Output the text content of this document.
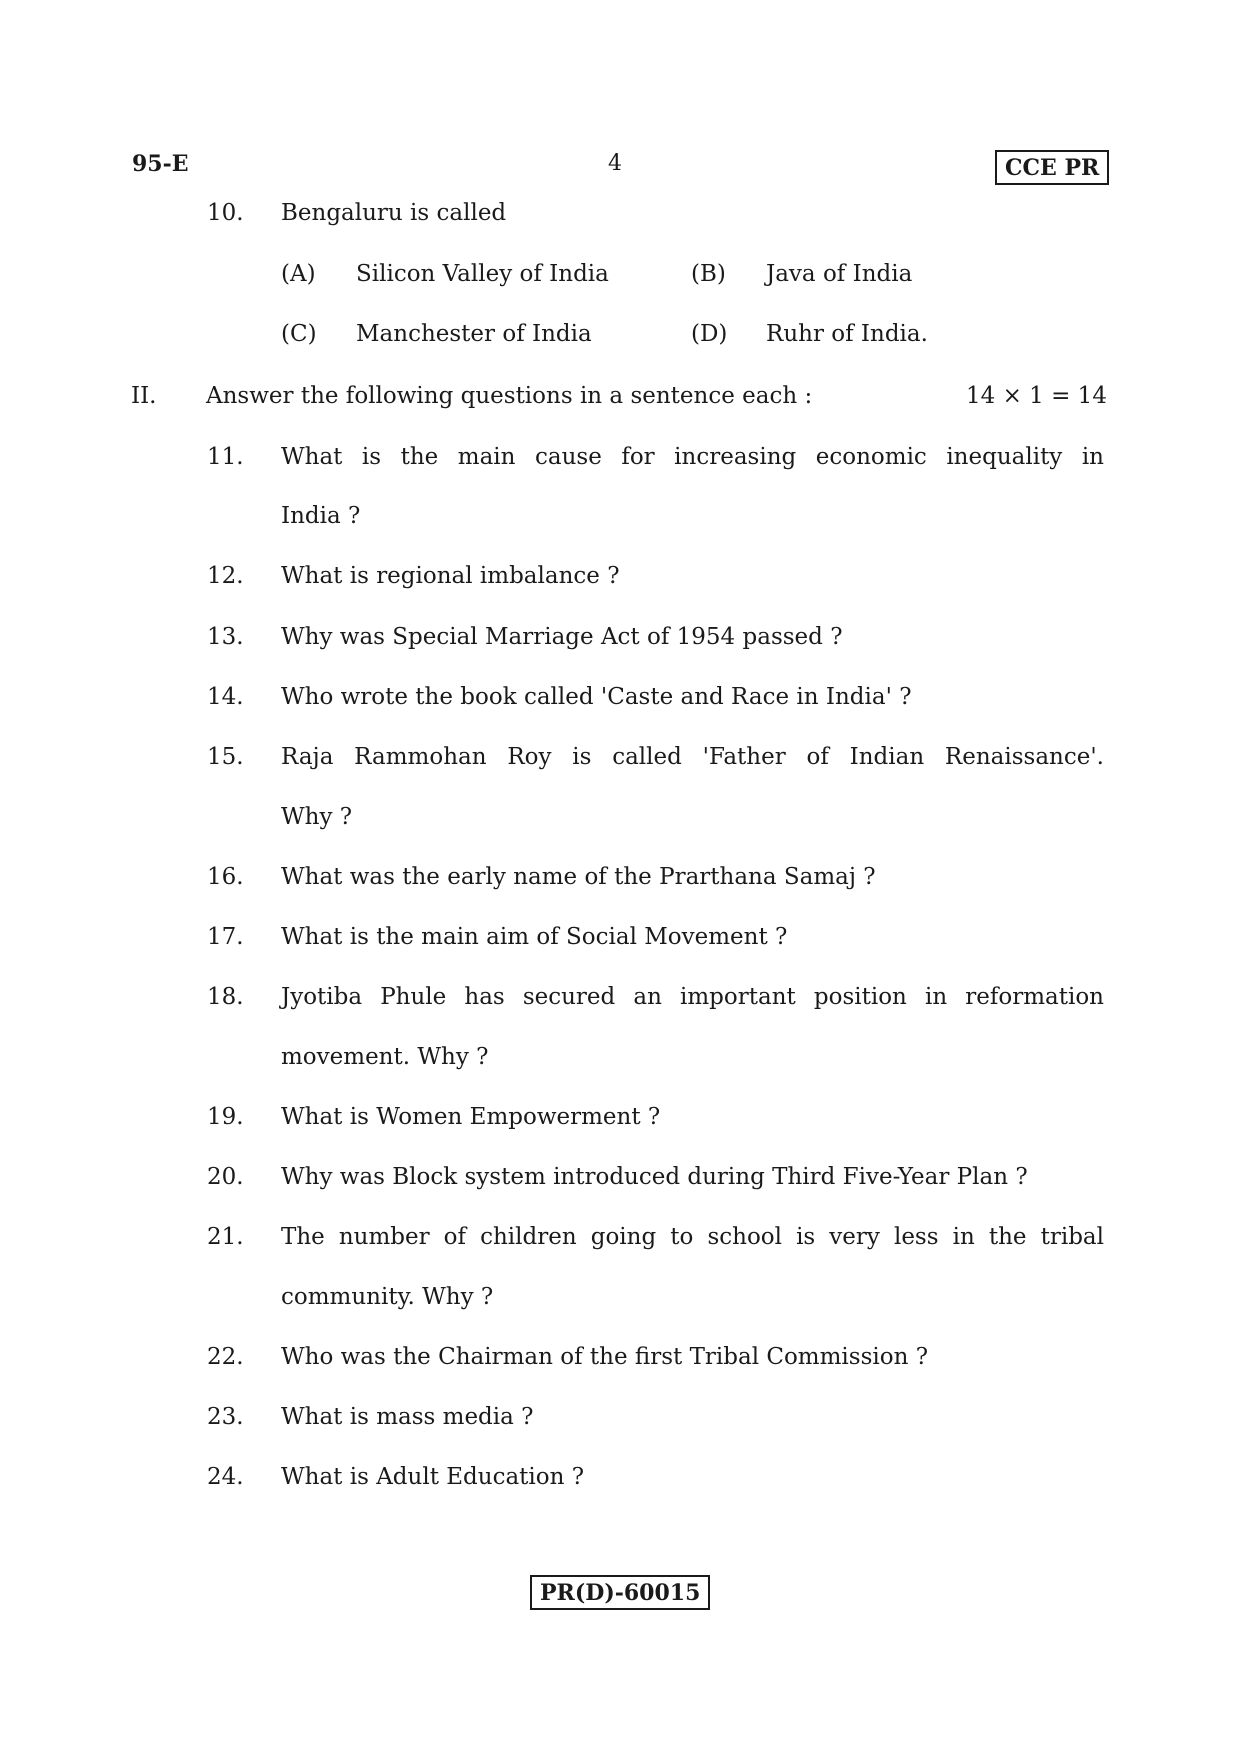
95-E	4	CCE PR
10. Bengaluru is called
(A) Silicon Valley of India	(B) Java of India
(C) Manchester of India	(D) Ruhr of India.
II. Answer the following questions in a sentence each :	14 × 1 = 14
11. What is the main cause for increasing economic inequality in
India ?
12. What is regional imbalance ?
13. Why was Special Marriage Act of 1954 passed ?
14. Who wrote the book called 'Caste and Race in India' ?
15. Raja Rammohan Roy is called 'Father of Indian Renaissance'.
Why ?
16. What was the early name of the Prarthana Samaj ?
17. What is the main aim of Social Movement ?
18. Jyotiba Phule has secured an important position in reformation
movement. Why ?
19. What is Women Empowerment ?
20. Why was Block system introduced during Third Five-Year Plan ?
21. The number of children going to school is very less in the tribal
community. Why ?
22. Who was the Chairman of the first Tribal Commission ?
23. What is mass media ?
24. What is Adult Education ?
PR(D)-60015
